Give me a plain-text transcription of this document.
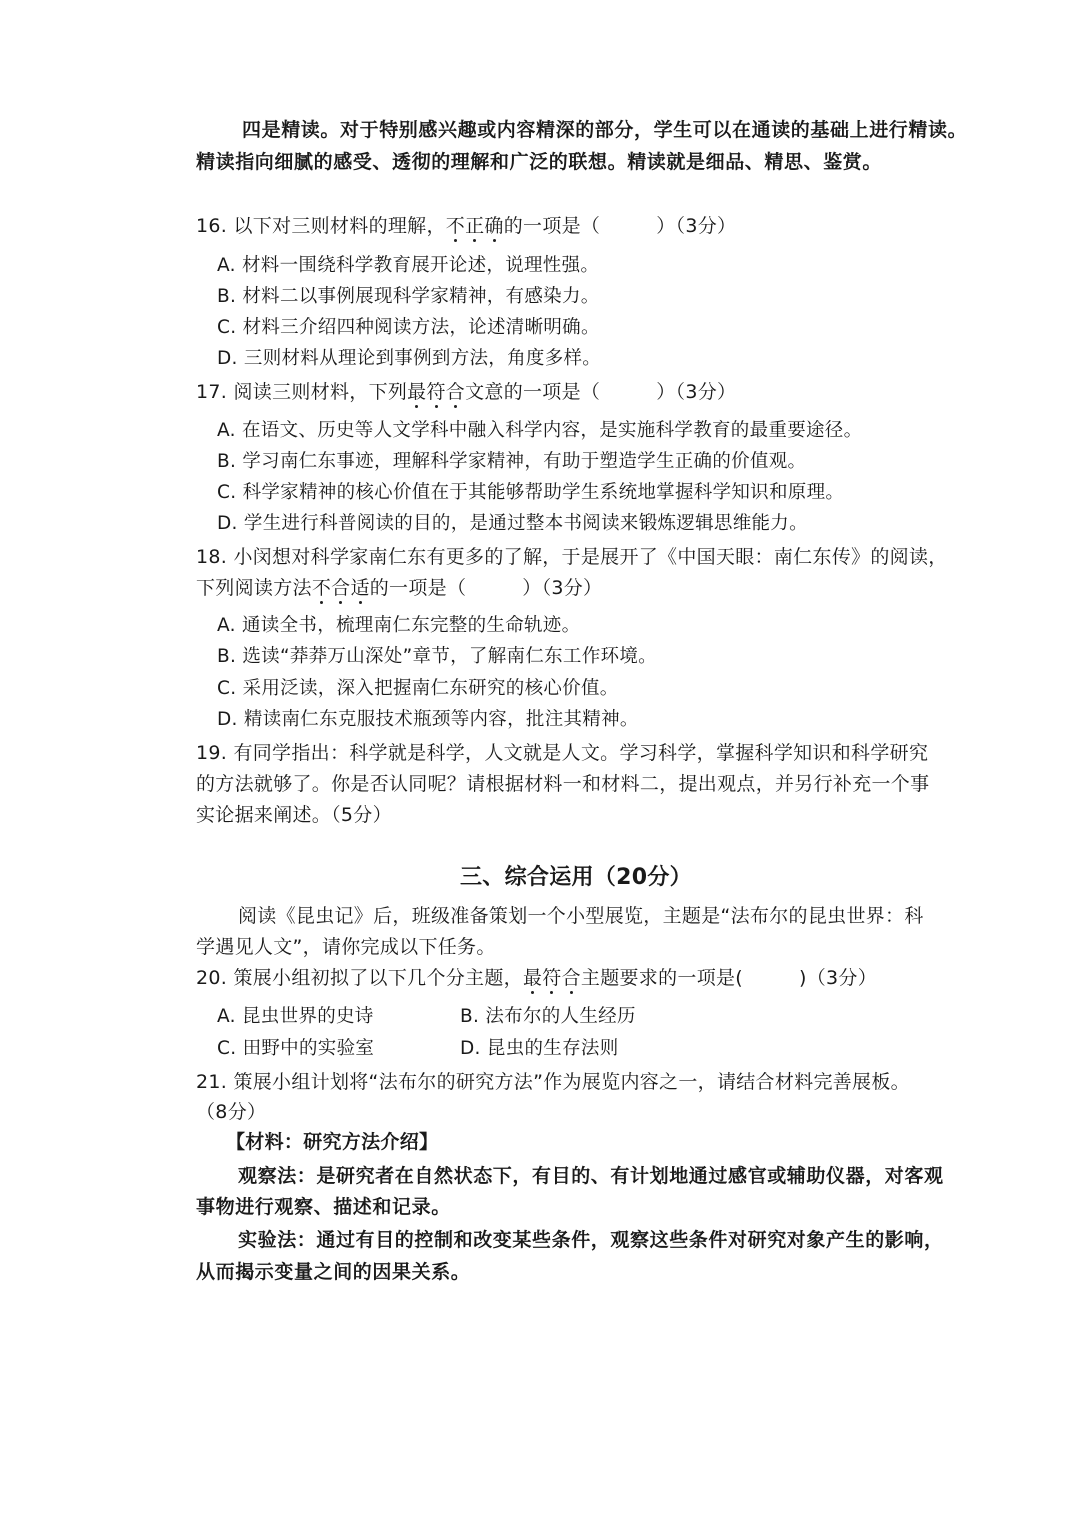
四是精读。对于特别感兴趣或内容精深的部分，学生可以在通读的基础上进行精读。

精读指向细腻的感受、透彻的理解和广泛的联想。精读就是细品、精思、鉴赏。

16. 以下对三则材料的理解，不正确的一项是（	）（3分）

A. 材料一围绕科学教育展开论述，说理性强。

B. 材料二以事例展现科学家精神，有感染力。

C. 材料三介绍四种阅读方法，论述清晰明确。

D. 三则材料从理论到事例到方法，角度多样。

17. 阅读三则材料，下列最符合文意的一项是（	）（3分）

A. 在语文、历史等人文学科中融入科学内容，是实施科学教育的最重要途径。

B. 学习南仁东事迹，理解科学家精神，有助于塑造学生正确的价值观。

C. 科学家精神的核心价值在于其能够帮助学生系统地掌握科学知识和原理。

D. 学生进行科普阅读的目的，是通过整本书阅读来锻炼逻辑思维能力。

18. 小闵想对科学家南仁东有更多的了解，于是展开了《中国天眼：南仁东传》的阅读，

下列阅读方法不合适的一项是（	）（3分）

A. 通读全书，梳理南仁东完整的生命轨迹。

B. 选读“莽莽万山深处”章节，了解南仁东工作环境。

C. 采用泛读，深入把握南仁东研究的核心价值。

D. 精读南仁东克服技术瓶颈等内容，批注其精神。

19. 有同学指出：科学就是科学，人文就是人文。学习科学，掌握科学知识和科学研究

的方法就够了。你是否认同呢？请根据材料一和材料二，提出观点，并另行补充一个事

实论据来阐述。（5分）

三、综合运用（20分）

阅读《昆虫记》后，班级准备策划一个小型展览，主题是“法布尔的昆虫世界：科

学遇见人文”，请你完成以下任务。

20. 策展小组初拟了以下几个分主题，最符合主题要求的一项是(	)（3分）

A. 昆虫世界的史诗	B. 法布尔的人生经历

C. 田野中的实验室	D. 昆虫的生存法则

21. 策展小组计划将“法布尔的研究方法”作为展览内容之一，请结合材料完善展板。

（8分）

【材料：研究方法介绍】

观察法：是研究者在自然状态下，有目的、有计划地通过感官或辅助仪器，对客观

事物进行观察、描述和记录。

实验法：通过有目的控制和改变某些条件，观察这些条件对研究对象产生的影响，

从而揭示变量之间的因果关系。
